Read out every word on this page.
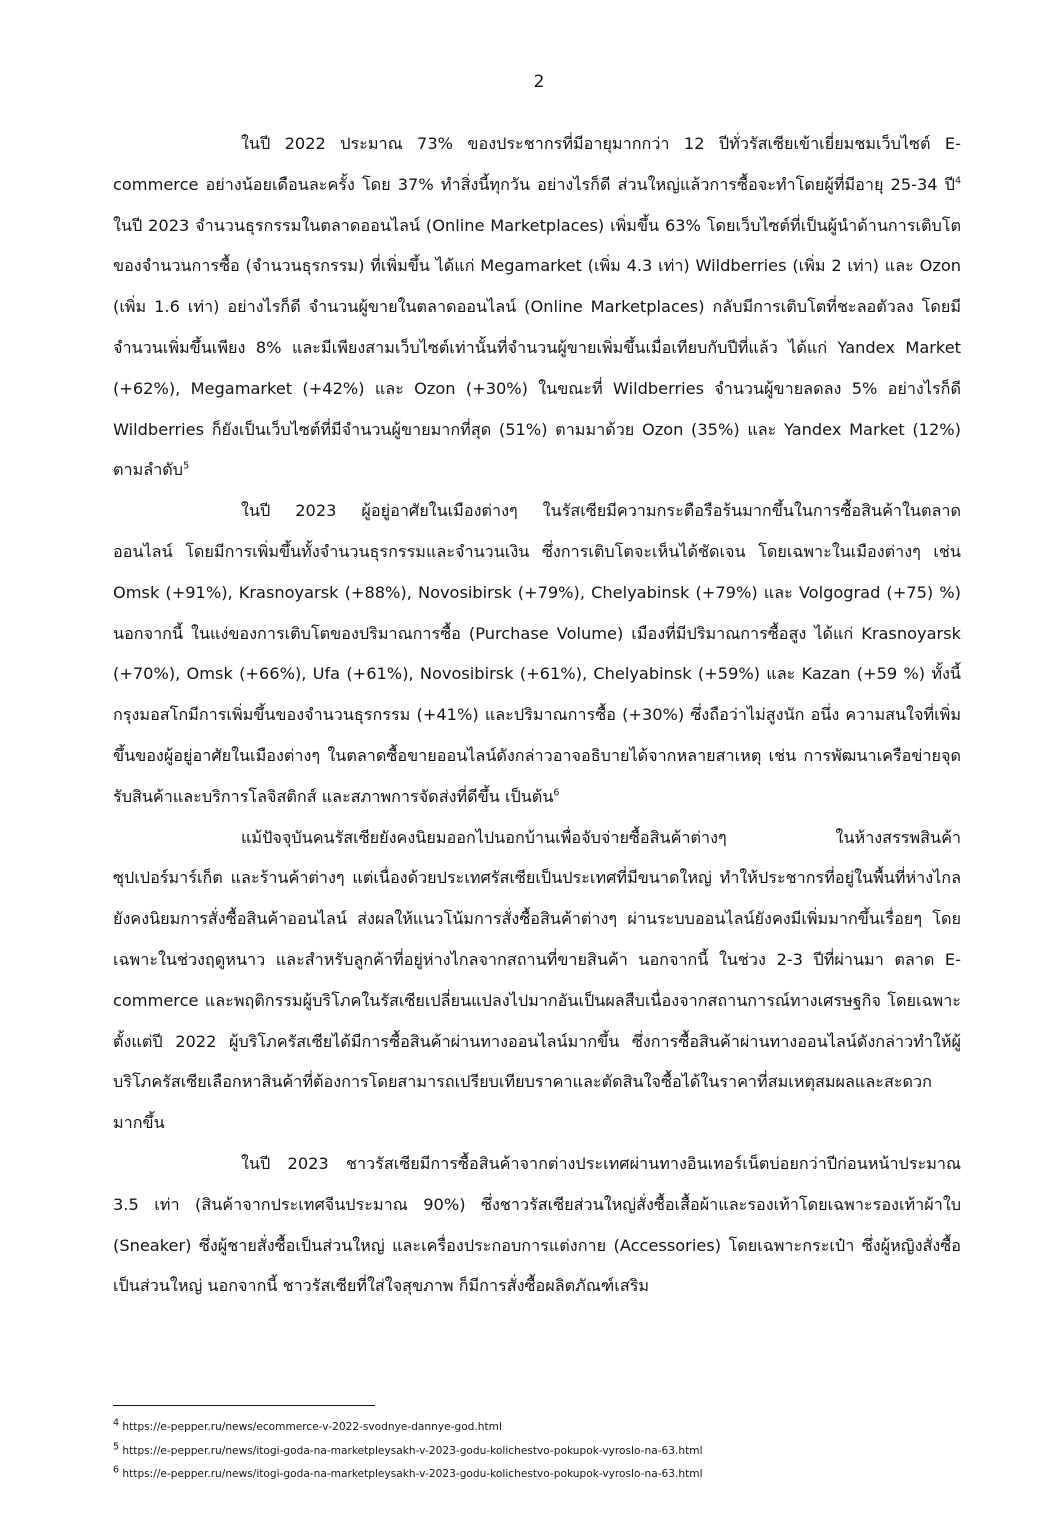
2

ในปี 2022 ประมาณ 73% ของประชากรที่มีอายุมากกว่า 12 ปีทั่วรัสเซียเข้าเยี่ยมชมเว็บไซต์ E-commerce อย่างน้อยเดือนละครั้ง โดย 37% ทำสิ่งนี้ทุกวัน อย่างไรก็ดี ส่วนใหญ่แล้วการซื้อจะทำโดยผู้ที่มีอายุ 25-34 ปี$^4$ ในปี 2023 จำนวนธุรกรรมในตลาดออนไลน์ (Online Marketplaces) เพิ่มขึ้น 63% โดยเว็บไซต์ที่เป็นผู้นำด้านการเติบโตของจำนวนการซื้อ (จำนวนธุรกรรม) ที่เพิ่มขึ้น ได้แก่ Megamarket (เพิ่ม 4.3 เท่า) Wildberries (เพิ่ม 2 เท่า) และ Ozon (เพิ่ม 1.6 เท่า) อย่างไรก็ดี จำนวนผู้ขายในตลาดออนไลน์ (Online Marketplaces) กลับมีการเติบโตที่ชะลอตัวลง โดยมีจำนวนเพิ่มขึ้นเพียง 8% และมีเพียงสามเว็บไซต์เท่านั้นที่จำนวนผู้ขายเพิ่มขึ้นเมื่อเทียบกับปีที่แล้ว ได้แก่ Yandex Market (+62%), Megamarket (+42%) และ Ozon (+30%) ในขณะที่ Wildberries จำนวนผู้ขายลดลง 5% อย่างไรก็ดี Wildberries ก็ยังเป็นเว็บไซต์ที่มีจำนวนผู้ขายมากที่สุด (51%) ตามมาด้วย Ozon (35%) และ Yandex Market (12%) ตามลำดับ$^5$

ในปี 2023 ผู้อยู่อาศัยในเมืองต่างๆ ในรัสเซียมีความกระตือรือร้นมากขึ้นในการซื้อสินค้าในตลาดออนไลน์ โดยมีการเพิ่มขึ้นทั้งจำนวนธุรกรรมและจำนวนเงิน ซึ่งการเติบโตจะเห็นได้ชัดเจน โดยเฉพาะในเมืองต่างๆ เช่น Omsk (+91%), Krasnoyarsk (+88%), Novosibirsk (+79%), Chelyabinsk (+79%) และ Volgograd (+75) %) นอกจากนี้ ในแง่ของการเติบโตของปริมาณการซื้อ (Purchase Volume) เมืองที่มีปริมาณการซื้อสูง ได้แก่ Krasnoyarsk (+70%), Omsk (+66%), Ufa (+61%), Novosibirsk (+61%), Chelyabinsk (+59%) และ Kazan (+59 %) ทั้งนี้ กรุงมอสโกมีการเพิ่มขึ้นของจำนวนธุรกรรม (+41%) และปริมาณการซื้อ (+30%) ซึ่งถือว่าไม่สูงนัก อนึ่ง ความสนใจที่เพิ่มขึ้นของผู้อยู่อาศัยในเมืองต่างๆ ในตลาดซื้อขายออนไลน์ดังกล่าวอาจอธิบายได้จากหลายสาเหตุ เช่น การพัฒนาเครือข่ายจุดรับสินค้าและบริการโลจิสติกส์ และสภาพการจัดส่งที่ดีขึ้น เป็นต้น$^6$

แม้ปัจจุบันคนรัสเซียยังคงนิยมออกไปนอกบ้านเพื่อจับจ่ายซื้อสินค้าต่างๆ ในห้างสรรพสินค้า ซุปเปอร์มาร์เก็ต และร้านค้าต่างๆ แต่เนื่องด้วยประเทศรัสเซียเป็นประเทศที่มีขนาดใหญ่ ทำให้ประชากรที่อยู่ในพื้นที่ห่างไกลยังคงนิยมการสั่งซื้อสินค้าออนไลน์ ส่งผลให้แนวโน้มการสั่งซื้อสินค้าต่างๆ ผ่านระบบออนไลน์ยังคงมีเพิ่มมากขึ้นเรื่อยๆ โดยเฉพาะในช่วงฤดูหนาว และสำหรับลูกค้าที่อยู่ห่างไกลจากสถานที่ขายสินค้า นอกจากนี้ ในช่วง 2-3 ปีที่ผ่านมา ตลาด E-commerce และพฤติกรรมผู้บริโภคในรัสเซียเปลี่ยนแปลงไปมากอันเป็นผลสืบเนื่องจากสถานการณ์ทางเศรษฐกิจ โดยเฉพาะตั้งแต่ปี 2022 ผู้บริโภครัสเซียได้มีการซื้อสินค้าผ่านทางออนไลน์มากขึ้น ซึ่งการซื้อสินค้าผ่านทางออนไลน์ดังกล่าวทำให้ผู้บริโภครัสเซียเลือกหาสินค้าที่ต้องการโดยสามารถเปรียบเทียบราคาและตัดสินใจซื้อได้ในราคาที่สมเหตุสมผลและสะดวกมากขึ้น

ในปี 2023 ชาวรัสเซียมีการซื้อสินค้าจากต่างประเทศผ่านทางอินเทอร์เน็ตบ่อยกว่าปีก่อนหน้าประมาณ 3.5 เท่า (สินค้าจากประเทศจีนประมาณ 90%) ซึ่งชาวรัสเซียส่วนใหญ่สั่งซื้อเสื้อผ้าและรองเท้าโดยเฉพาะรองเท้าผ้าใบ (Sneaker) ซึ่งผู้ชายสั่งซื้อเป็นส่วนใหญ่ และเครื่องประกอบการแต่งกาย (Accessories) โดยเฉพาะกระเป๋า ซึ่งผู้หญิงสั่งซื้อเป็นส่วนใหญ่ นอกจากนี้ ชาวรัสเซียที่ใส่ใจสุขภาพ ก็มีการสั่งซื้อผลิตภัณฑ์เสริม

$^4$ https://e-pepper.ru/news/ecommerce-v-2022-svodnye-dannye-god.html
$^5$ https://e-pepper.ru/news/itogi-goda-na-marketpleysakh-v-2023-godu-kolichestvo-pokupok-vyroslo-na-63.html
$^6$ https://e-pepper.ru/news/itogi-goda-na-marketpleysakh-v-2023-godu-kolichestvo-pokupok-vyroslo-na-63.html
